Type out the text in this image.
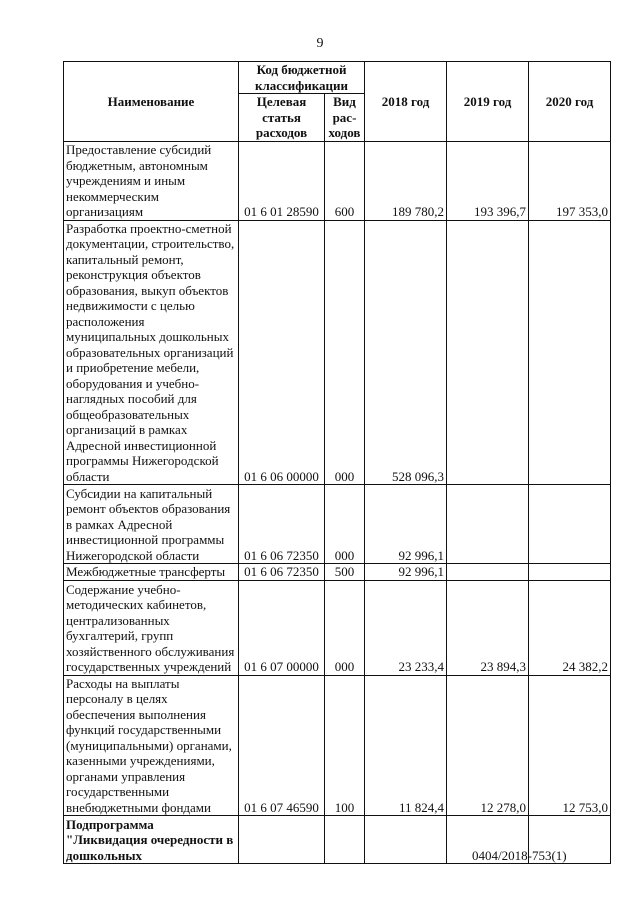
9
Наименование	Код бюджетной классификации		2018 год	2019 год	2020 год
	Целевая статья расходов	Вид рас-ходов			
Предоставление субсидий бюджетным, автономным учреждениям и иным некоммерческим организациям	01 6 01 28590	600	189 780,2	193 396,7	197 353,0
Разработка проектно-сметной документации, строительство, капитальный ремонт, реконструкция объектов образования, выкуп объектов недвижимости с целью расположения муниципальных дошкольных образовательных организаций и приобретение мебели, оборудования и учебно-наглядных пособий для общеобразовательных организаций в рамках Адресной инвестиционной программы Нижегородской области	01 6 06 00000	000	528 096,3		
Субсидии на капитальный ремонт объектов образования в рамках Адресной инвестиционной программы Нижегородской области	01 6 06 72350	000	92 996,1		
Межбюджетные трансферты	01 6 06 72350	500	92 996,1		
Содержание учебно-методических кабинетов, централизованных бухгалтерий, групп хозяйственного обслуживания государственных учреждений	01 6 07 00000	000	23 233,4	23 894,3	24 382,2
Расходы на выплаты персоналу в целях обеспечения выполнения функций государственными (муниципальными) органами, казенными учреждениями, органами управления государственными внебюджетными фондами	01 6 07 46590	100	11 824,4	12 278,0	12 753,0
Подпрограмма "Ликвидация очередности в дошкольных						0404/2018-753(1)
